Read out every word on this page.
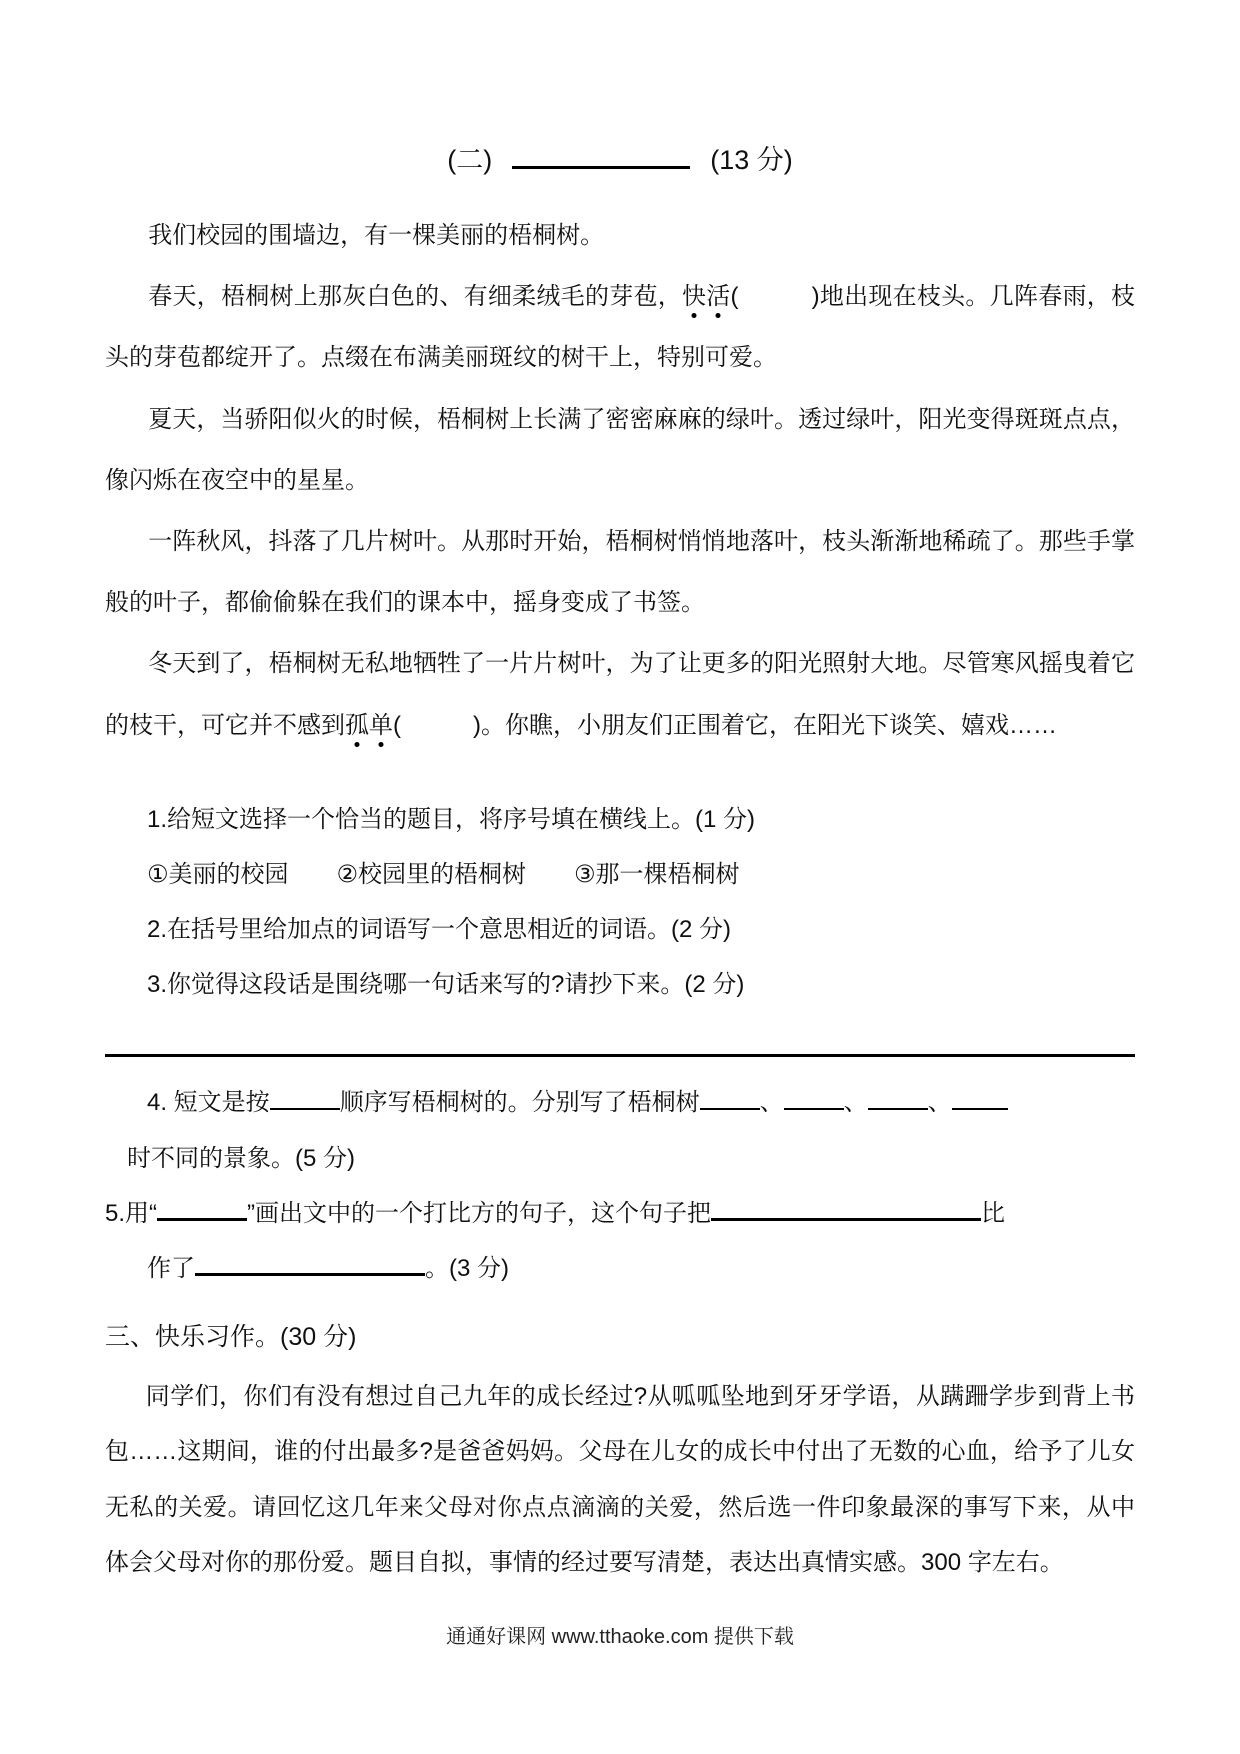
(二)	(13 分)

我们校园的围墙边，有一棵美丽的梧桐树。

春天，梧桐树上那灰白色的、有细柔绒毛的芽苞，快活(　　　)地出现在枝头。几阵春雨，枝头的芽苞都绽开了。点缀在布满美丽斑纹的树干上，特别可爱。

夏天，当骄阳似火的时候，梧桐树上长满了密密麻麻的绿叶。透过绿叶，阳光变得斑斑点点，像闪烁在夜空中的星星。

一阵秋风，抖落了几片树叶。从那时开始，梧桐树悄悄地落叶，枝头渐渐地稀疏了。那些手掌般的叶子，都偷偷躲在我们的课本中，摇身变成了书签。

冬天到了，梧桐树无私地牺牲了一片片树叶，为了让更多的阳光照射大地。尽管寒风摇曳着它的枝干，可它并不感到孤单(　　　)。你瞧，小朋友们正围着它，在阳光下谈笑、嬉戏……

1.给短文选择一个恰当的题目，将序号填在横线上。(1 分)

①美丽的校园　　②校园里的梧桐树　　③那一棵梧桐树

2.在括号里给加点的词语写一个意思相近的词语。(2 分)

3.你觉得这段话是围绕哪一句话来写的?请抄下来。(2 分)

4. 短文是按	顺序写梧桐树的。分别写了梧桐树	、	、	、

时不同的景象。(5 分)

5.用“	”画出文中的一个打比方的句子，这个句子把	比

作了	。(3 分)

三、快乐习作。(30 分)

同学们，你们有没有想过自己九年的成长经过?从呱呱坠地到牙牙学语，从蹒跚学步到背上书包……这期间，谁的付出最多?是爸爸妈妈。父母在儿女的成长中付出了无数的心血，给予了儿女无私的关爱。请回忆这几年来父母对你点点滴滴的关爱，然后选一件印象最深的事写下来，从中体会父母对你的那份爱。题目自拟，事情的经过要写清楚，表达出真情实感。300 字左右。

通通好课网 www.tthaoke.com 提供下载
